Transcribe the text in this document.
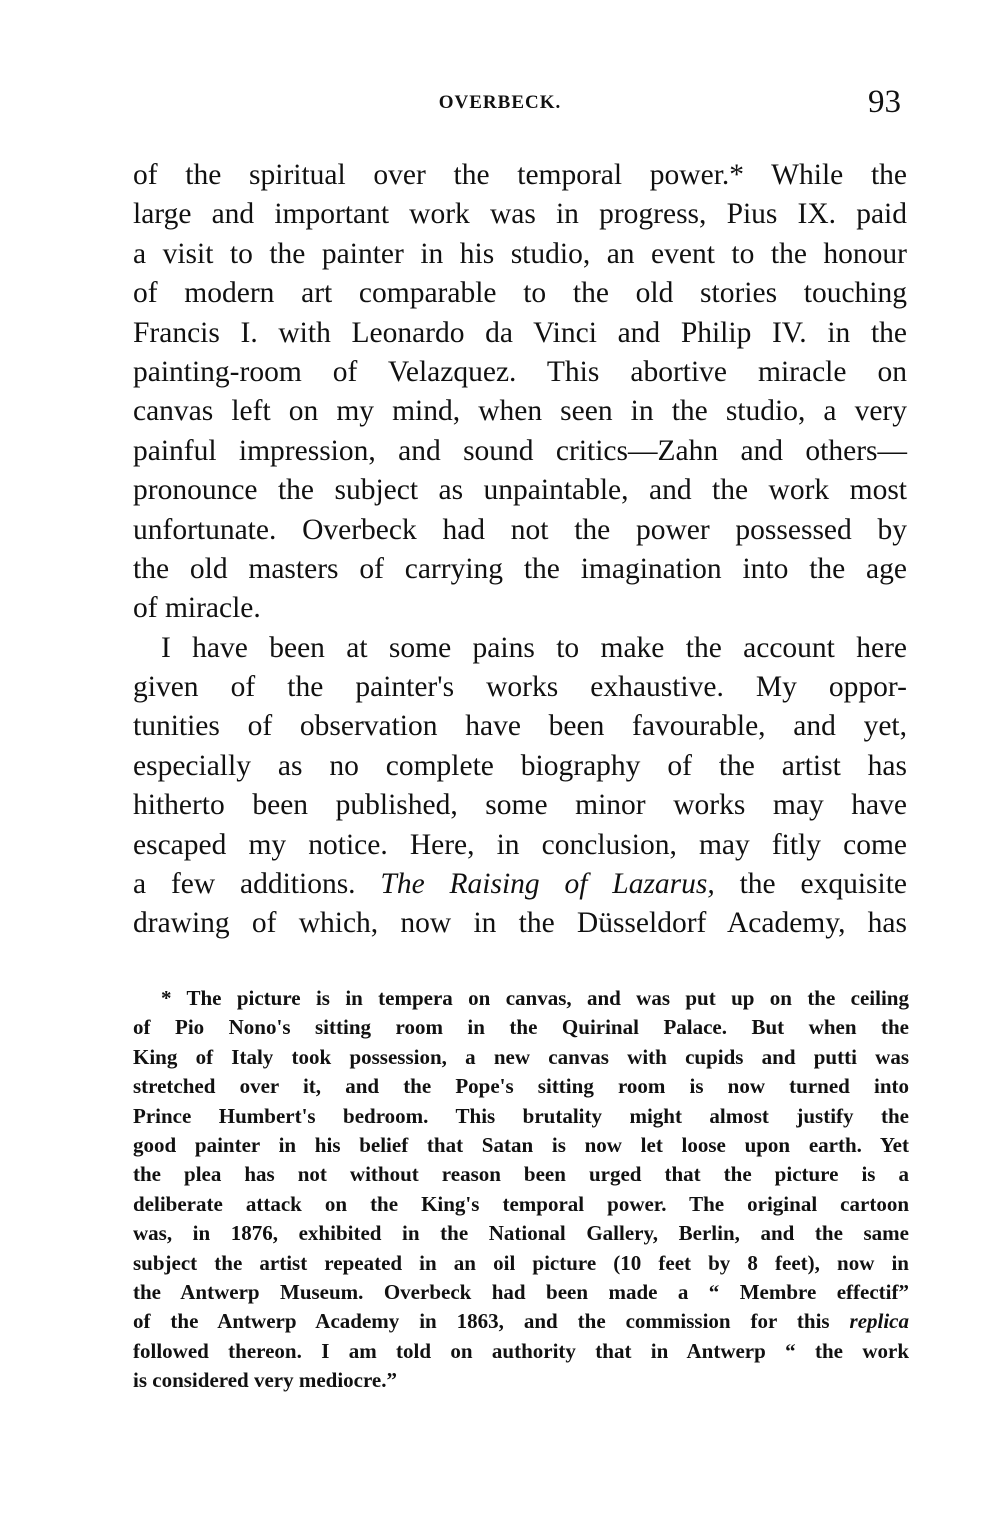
OVERBECK.	93
of the spiritual over the temporal power.* While the
large and important work was in progress, Pius IX. paid
a visit to the painter in his studio, an event to the honour
of modern art comparable to the old stories touching
Francis I. with Leonardo da Vinci and Philip IV. in the
painting-room of Velazquez. This abortive miracle on
canvas left on my mind, when seen in the studio, a very
painful impression, and sound critics—Zahn and others—
pronounce the subject as unpaintable, and the work most
unfortunate. Overbeck had not the power possessed by
the old masters of carrying the imagination into the age
of miracle.
I have been at some pains to make the account here
given of the painter's works exhaustive. My oppor-
tunities of observation have been favourable, and yet,
especially as no complete biography of the artist has
hitherto been published, some minor works may have
escaped my notice. Here, in conclusion, may fitly come
a few additions. The Raising of Lazarus, the exquisite
drawing of which, now in the Düsseldorf Academy, has
* The picture is in tempera on canvas, and was put up on the ceiling
of Pio Nono's sitting room in the Quirinal Palace. But when the
King of Italy took possession, a new canvas with cupids and putti was
stretched over it, and the Pope's sitting room is now turned into
Prince Humbert's bedroom. This brutality might almost justify the
good painter in his belief that Satan is now let loose upon earth. Yet
the plea has not without reason been urged that the picture is a
deliberate attack on the King's temporal power. The original cartoon
was, in 1876, exhibited in the National Gallery, Berlin, and the same
subject the artist repeated in an oil picture (10 feet by 8 feet), now in
the Antwerp Museum. Overbeck had been made a “ Membre effectif”
of the Antwerp Academy in 1863, and the commission for this replica
followed thereon. I am told on authority that in Antwerp “ the work
is considered very mediocre.”
